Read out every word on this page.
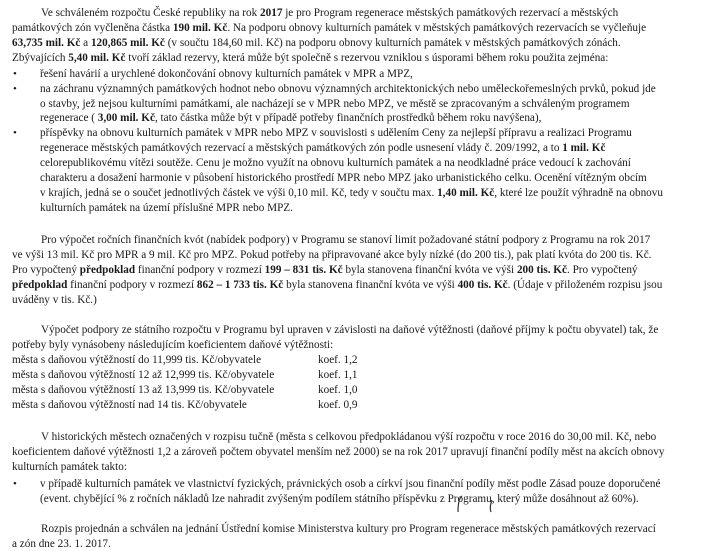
Ve schváleném rozpočtu České republiky na rok 2017 je pro Program regenerace městských památkových rezervací a městských
památkových zón vyčleněna částka 190 mil. Kč. Na podporu obnovy kulturních památek v městských památkových rezervacích se vyčleňuje
63,735 mil. Kč a 120,865 mil. Kč (v součtu 184,60 mil. Kč) na podporu obnovy kulturních památek v městských památkových zónách.
Zbývajících 5,40 mil. Kč tvoří základ rezervy, která může být společně s rezervou vzniklou s úsporami během roku použita zejména:
• řešení havárií a urychlené dokončování obnovy kulturních památek v MPR a MPZ,
• na záchranu významných památkových hodnot nebo obnovu významných architektonických nebo uměleckořemeslných prvků, pokud jde
o stavby, jež nejsou kulturními památkami, ale nacházejí se v MPR nebo MPZ, ve městě se zpracovaným a schváleným programem
regenerace ( 3,00 mil. Kč, tato částka může být v případě potřeby finančních prostředků během roku navýšena),
• příspěvky na obnovu kulturních památek v MPR nebo MPZ v souvislosti s udělením Ceny za nejlepší přípravu a realizaci Programu
regenerace městských památkových rezervací a městských památkových zón podle usnesení vlády č. 209/1992, a to 1 mil. Kč
celorepublikovému vítězi soutěže. Cenu je možno využít na obnovu kulturních památek a na neodkladné práce vedoucí k zachování
charakteru a dosažení harmonie v působení historického prostředí MPR nebo MPZ jako urbanistického celku. Ocenění vítězným obcím
v krajích, jedná se o součet jednotlivých částek ve výši 0,10 mil. Kč, tedy v součtu max. 1,40 mil. Kč, které lze použít výhradně na obnovu
kulturních památek na území příslušné MPR nebo MPZ.
Pro výpočet ročních finančních kvót (nabídek podpory) v Programu se stanoví limit požadované státní podpory z Programu na rok 2017
ve výši 13 mil. Kč pro MPR a 9 mil. Kč pro MPZ. Pokud potřeby na připravované akce byly nízké (do 200 tis.), pak platí kvóta do 200 tis. Kč.
Pro vypočtený předpoklad finanční podpory v rozmezí 199 – 831 tis. Kč byla stanovena finanční kvóta ve výši 200 tis. Kč. Pro vypočtený
předpoklad finanční podpory v rozmezí 862 – 1 733 tis. Kč byla stanovena finanční kvóta ve výši 400 tis. Kč. (Údaje v přiloženém rozpisu jsou
uváděny v tis. Kč.)
Výpočet podpory ze státního rozpočtu v Programu byl upraven v závislosti na daňové výtěžnosti (daňové příjmy k počtu obyvatel) tak, že
potřeby byly vynásobeny následujícím koeficientem daňové výtěžnosti:
města s daňovou výtěžností do 11,999 tis. Kč/obyvatele	koef. 1,2
města s daňovou výtěžností 12 až 12,999 tis. Kč/obyvatele	koef. 1,1
města s daňovou výtěžností 13 až 13,999 tis. Kč/obyvatele	koef. 1,0
města s daňovou výtěžností nad 14 tis. Kč/obyvatele	koef. 0,9
V historických městech označených v rozpisu tučně (města s celkovou předpokládanou výší rozpočtu v roce 2016 do 30,00 mil. Kč, nebo
koeficientem daňové výtěžnosti 1,2 a zároveň počtem obyvatel menším než 2000) se na rok 2017 upravují finanční podíly měst na akcích obnovy
kulturních památek takto:
• v případě kulturních památek ve vlastnictví fyzických, právnických osob a církví jsou finanční podíly měst podle Zásad pouze doporučené
(event. chybějící % z ročních nákladů lze nahradit zvýšeným podílem státního příspěvku z Programu, který může dosáhnout až 60%).
Rozpis projednán a schválen na jednání Ústřední komise Ministerstva kultury pro Program regenerace městských památkových rezervací
a zón dne 23. 1. 2017.
